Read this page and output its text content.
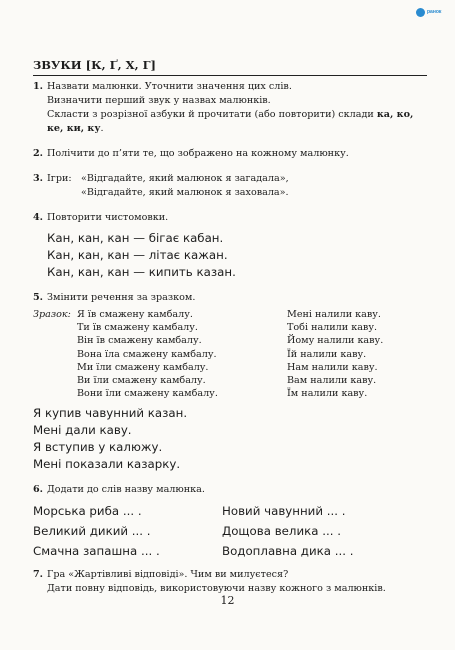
ранок
ЗВУКИ [К, Ґ, Х, Г]
1. Назвати малюнки. Уточнити значення цих слів.
Визначити перший звук у назвах малюнків.
Скласти з розрізної азбуки й прочитати (або повторити) склади ка, ко,
ке, ки, ку.
2. Полічити до п’яти те, що зображено на кожному малюнку.
3. Ігри: «Відгадайте, який малюнок я загадала»,
«Відгадайте, який малюнок я заховала».
4. Повторити чистомовки.
Кан, кан, кан — бігає кабан.
Кан, кан, кан — літає кажан.
Кан, кан, кан — кипить казан.
5. Змінити речення за зразком.
Зразок: Я їв смажену камбалу.	Мені налили каву.
Ти їв смажену камбалу.	Тобі налили каву.
Він їв смажену камбалу.	Йому налили каву.
Вона їла смажену камбалу.	Їй налили каву.
Ми їли смажену камбалу.	Нам налили каву.
Ви їли смажену камбалу.	Вам налили каву.
Вони їли смажену камбалу.	Їм налили каву.
Я купив чавунний казан.
Мені дали каву.
Я вступив у калюжу.
Мені показали казарку.
6. Додати до слів назву малюнка.
Морська риба ... .	Новий чавунний ... .
Великий дикий ... .	Дощова велика ... .
Смачна запашна ... .	Водоплавна дика ... .
7. Гра «Жартівливі відповіді». Чим ви милуєтеся?
Дати повну відповідь, використовуючи назву кожного з малюнків.
12
